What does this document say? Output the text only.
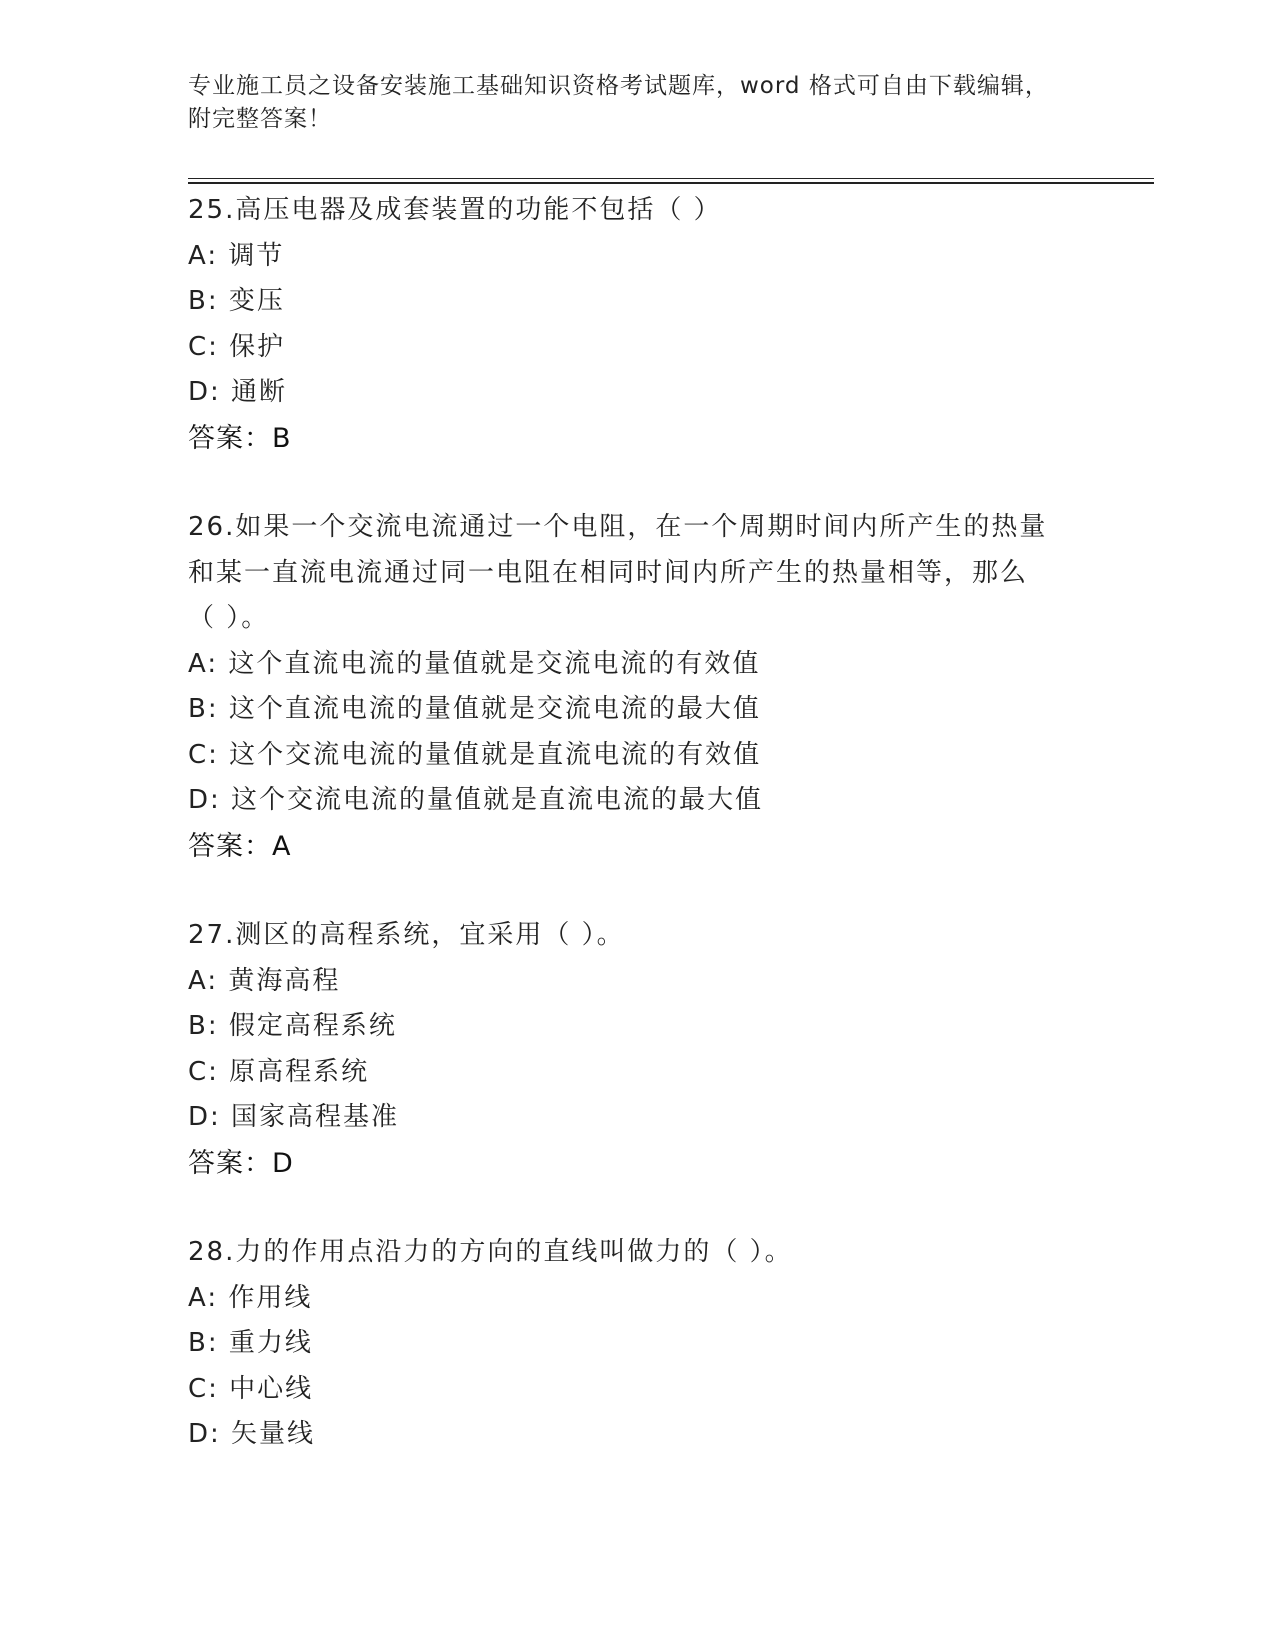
专业施工员之设备安装施工基础知识资格考试题库，word 格式可自由下载编辑，
附完整答案！
25.高压电器及成套装置的功能不包括（ ）
A: 调节
B: 变压
C: 保护
D: 通断
答案：B
26.如果一个交流电流通过一个电阻，在一个周期时间内所产生的热量
和某一直流电流通过同一电阻在相同时间内所产生的热量相等，那么
（ ）。
A: 这个直流电流的量值就是交流电流的有效值
B: 这个直流电流的量值就是交流电流的最大值
C: 这个交流电流的量值就是直流电流的有效值
D: 这个交流电流的量值就是直流电流的最大值
答案：A
27.测区的高程系统，宜采用（ ）。
A: 黄海高程
B: 假定高程系统
C: 原高程系统
D: 国家高程基准
答案：D
28.力的作用点沿力的方向的直线叫做力的（ ）。
A: 作用线
B: 重力线
C: 中心线
D: 矢量线
